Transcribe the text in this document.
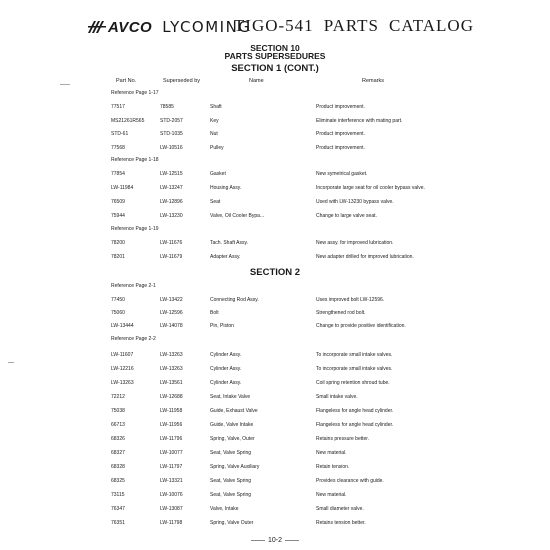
AVCO LYCOMING
TIGO-541 PARTS CATALOG
SECTION 10
PARTS SUPERSEDURES
SECTION 1 (CONT.)
Part No.	Superseded by	Name	Remarks
Reference Page 1-17
Reference Page 1-18
Reference Page 1-19
SECTION 2
Reference Page 2-1
Reference Page 2-2
77517	78585	Shaft	Product improvement.
MS21261R565	STD-2057	Key	Eliminate interference with mating part.
STD-61	STD-1035	Nut	Product improvement.
77568	LW-10516	Pulley	Product improvement.
77854	LW-12515	Gasket	New symetrical gasket.
LW-11984	LW-13247	Housing Assy.	Incorporate large seat for oil cooler bypass valve.
76509	LW-12896	Seat	Used with LW-13230 bypass valve.
75944	LW-13230	Valve, Oil Cooler Bypa...	Change to large valve seat.
78200	LW-11676	Tach. Shaft Assy.	New assy. for improved lubrication.
78201	LW-11679	Adapter Assy.	New adapter drilled for improved lubrication.
77450	LW-13422	Connecting Rod Assy.	Uses improved bolt LW-12596.
75060	LW-12596	Bolt	Strengthened rod bolt.
LW-13444	LW-14078	Pin, Piston	Change to provide positive identification.
LW-11607	LW-13263	Cylinder Assy.	To incorporate small intake valves.
LW-12216	LW-13263	Cylinder Assy.	To incorporate small intake valves.
LW-13263	LW-13561	Cylinder Assy.	Coil spring retention shroud tube.
72212	LW-12688	Seat, Intake Valve	Small intake valve.
75038	LW-11958	Guide, Exhaust Valve	Flangeless for angle head cylinder.
66713	LW-11956	Guide, Valve Intake	Flangeless for angle head cylinder.
68326	LW-11796	Spring, Valve, Outer	Retains pressure better.
68327	LW-10077	Seat, Valve Spring	New material.
68328	LW-11797	Spring, Valve Auxiliary	Retain tension.
68325	LW-13321	Seat, Valve Spring	Provides clearance with guide.
73115	LW-10076	Seat, Valve Spring	New material.
76347	LW-13087	Valve, Intake	Small diameter valve.
76351	LW-11798	Spring, Valve Outer	Retains tension better.
10-2
